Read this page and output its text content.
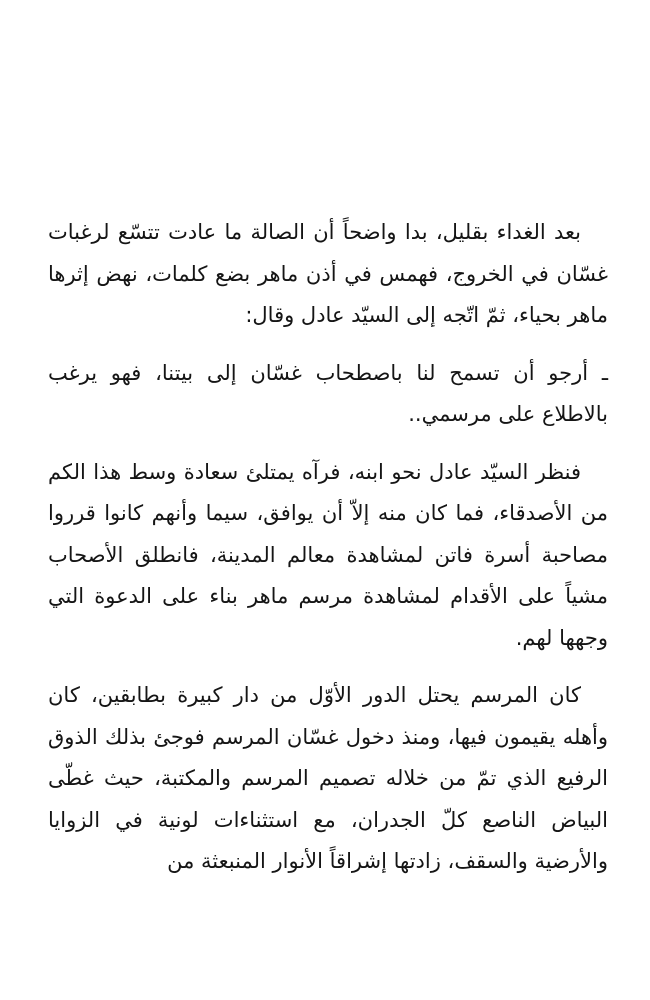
بعد الغداء بقليل، بدا واضحاً أن الصالة ما عادت تتسّع لرغبات غسّان في الخروج، فهمس في أذن ماهر بضع كلمات، نهض إثرها ماهر بحياء، ثمّ اتّجه إلى السيّد عادل وقال:

ـ أرجو أن تسمح لنا باصطحاب غسّان إلى بيتنا، فهو يرغب بالاطلاع على مرسمي..

فنظر السيّد عادل نحو ابنه، فرآه يمتلئ سعادة وسط هذا الكم من الأصدقاء، فما كان منه إلاّ أن يوافق، سيما وأنهم كانوا قرروا مصاحبة أسرة فاتن لمشاهدة معالم المدينة، فانطلق الأصحاب مشياً على الأقدام لمشاهدة مرسم ماهر بناء على الدعوة التي وجهها لهم.

كان المرسم يحتل الدور الأوّل من دار كبيرة بطابقين، كان وأهله يقيمون فيها، ومنذ دخول غسّان المرسم فوجئ بذلك الذوق الرفيع الذي تمّ من خلاله تصميم المرسم والمكتبة، حيث غطّى البياض الناصع كلّ الجدران، مع استثناءات لونية في الزوايا والأرضية والسقف، زادتها إشراقاً الأنوار المنبعثة من
